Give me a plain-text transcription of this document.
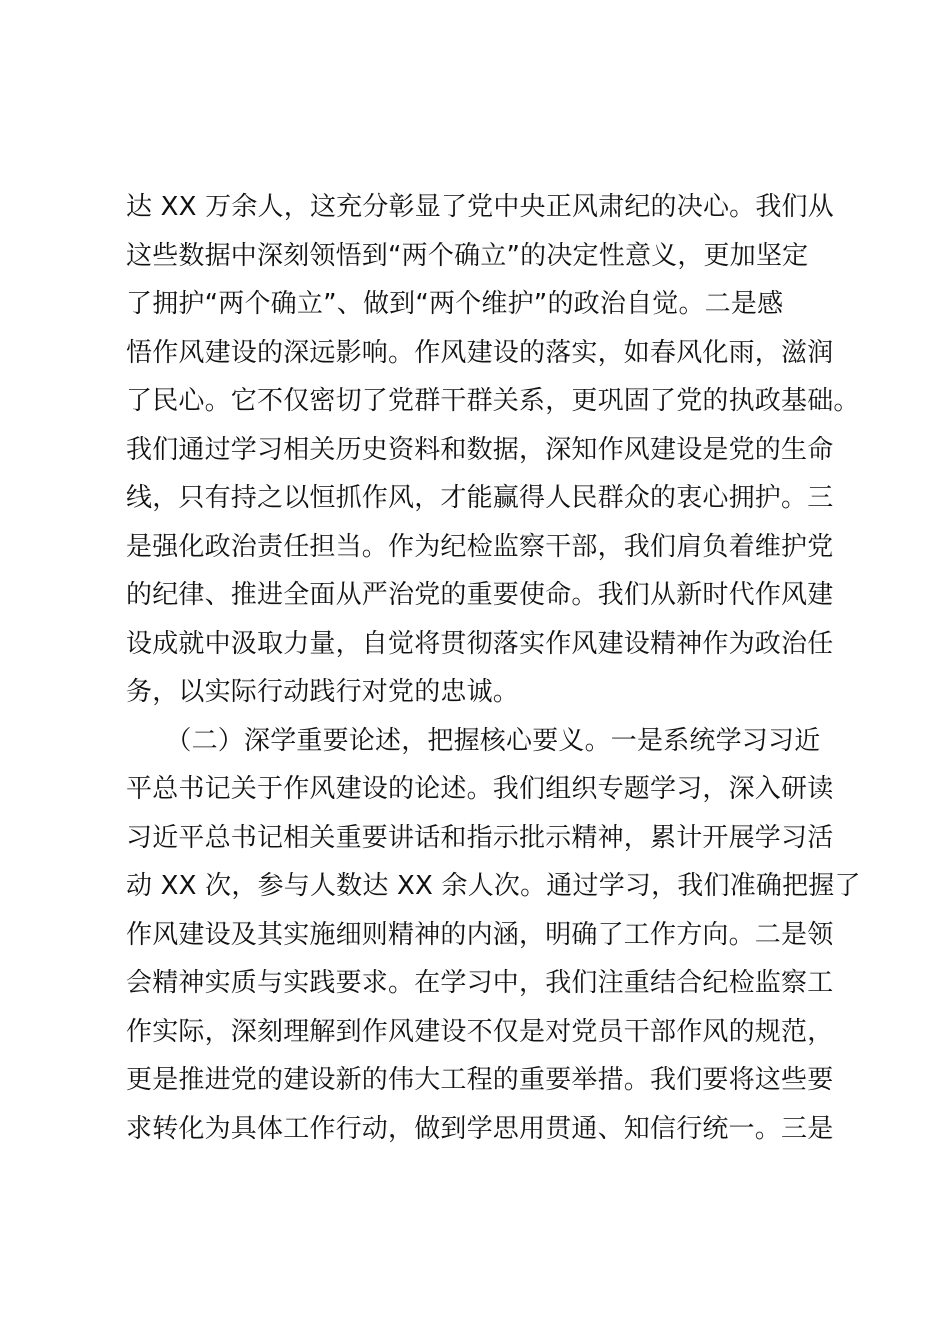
达 XX 万余人，这充分彰显了党中央正风肃纪的决心。我们从
这些数据中深刻领悟到“两个确立”的决定性意义，更加坚定
了拥护“两个确立”、做到“两个维护”的政治自觉。二是感
悟作风建设的深远影响。作风建设的落实，如春风化雨，滋润
了民心。它不仅密切了党群干群关系，更巩固了党的执政基础。
我们通过学习相关历史资料和数据，深知作风建设是党的生命
线，只有持之以恒抓作风，才能赢得人民群众的衷心拥护。三
是强化政治责任担当。作为纪检监察干部，我们肩负着维护党
的纪律、推进全面从严治党的重要使命。我们从新时代作风建
设成就中汲取力量，自觉将贯彻落实作风建设精神作为政治任
务，以实际行动践行对党的忠诚。
　　（二）深学重要论述，把握核心要义。一是系统学习习近
平总书记关于作风建设的论述。我们组织专题学习，深入研读
习近平总书记相关重要讲话和指示批示精神，累计开展学习活
动 XX 次，参与人数达 XX 余人次。通过学习，我们准确把握了
作风建设及其实施细则精神的内涵，明确了工作方向。二是领
会精神实质与实践要求。在学习中，我们注重结合纪检监察工
作实际，深刻理解到作风建设不仅是对党员干部作风的规范，
更是推进党的建设新的伟大工程的重要举措。我们要将这些要
求转化为具体工作行动，做到学思用贯通、知信行统一。三是
